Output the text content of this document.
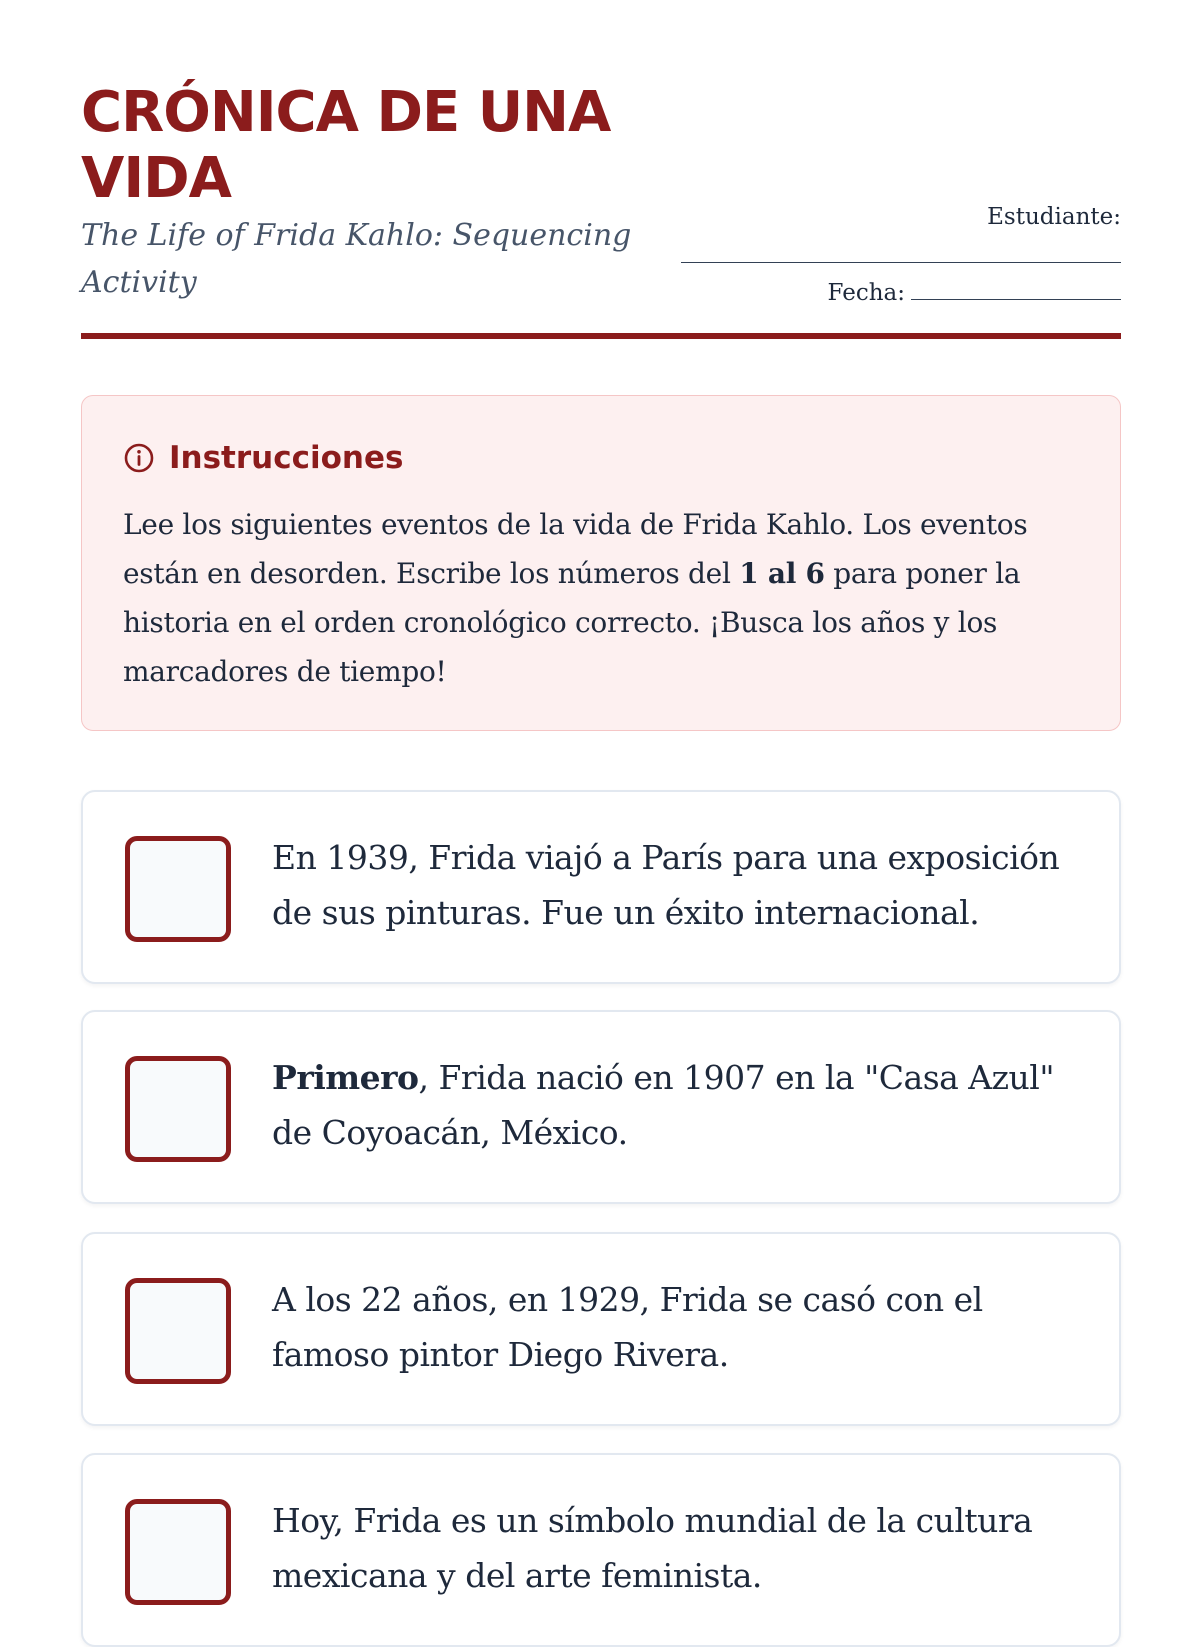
CRÓNICA DE UNA VIDA

The Life of Frida Kahlo: Sequencing Activity

Estudiante:
Fecha:
Instrucciones

Lee los siguientes eventos de la vida de Frida Kahlo. Los eventos están en desorden. Escribe los números del 1 al 6 para poner la historia en el orden cronológico correcto. ¡Busca los años y los marcadores de tiempo!

En 1939, Frida viajó a París para una exposición de sus pinturas. Fue un éxito internacional.

Primero, Frida nació en 1907 en la "Casa Azul" de Coyoacán, México.

A los 22 años, en 1929, Frida se casó con el famoso pintor Diego Rivera.

Hoy, Frida es un símbolo mundial de la cultura mexicana y del arte feminista.
